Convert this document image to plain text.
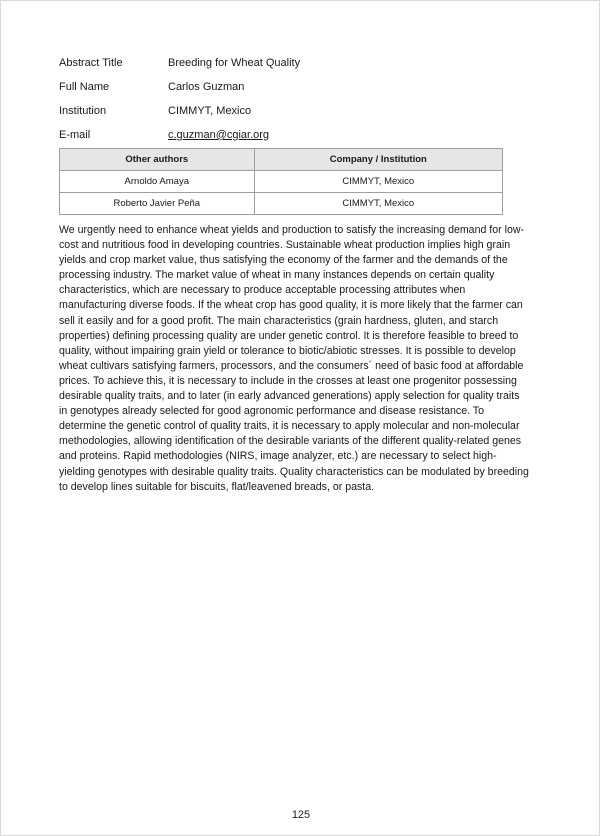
Abstract Title	Breeding for Wheat Quality
Full Name	Carlos Guzman
Institution	CIMMYT, Mexico
E-mail	c.guzman@cgiar.org
Other authors	Company / Institution
Arnoldo Amaya	CIMMYT, Mexico
Roberto Javier Peña	CIMMYT, Mexico

We urgently need to enhance wheat yields and production to satisfy the increasing demand for low-cost and nutritious food in developing countries. Sustainable wheat production implies high grain yields and crop market value, thus satisfying the economy of the farmer and the demands of the processing industry. The market value of wheat in many instances depends on certain quality characteristics, which are necessary to produce acceptable processing attributes when manufacturing diverse foods. If the wheat crop has good quality, it is more likely that the farmer can sell it easily and for a good profit. The main characteristics (grain hardness, gluten, and starch properties) defining processing quality are under genetic control. It is therefore feasible to breed to quality, without impairing grain yield or tolerance to biotic/abiotic stresses. It is possible to develop wheat cultivars satisfying farmers, processors, and the consumers´ need of basic food at affordable prices. To achieve this, it is necessary to include in the crosses at least one progenitor possessing desirable quality traits, and to later (in early advanced generations) apply selection for quality traits in genotypes already selected for good agronomic performance and disease resistance. To determine the genetic control of quality traits, it is necessary to apply molecular and non-molecular methodologies, allowing identification of the desirable variants of the different quality-related genes and proteins. Rapid methodologies (NIRS, image analyzer, etc.) are necessary to select high-yielding genotypes with desirable quality traits. Quality characteristics can be modulated by breeding to develop lines suitable for biscuits, flat/leavened breads, or pasta.

125
